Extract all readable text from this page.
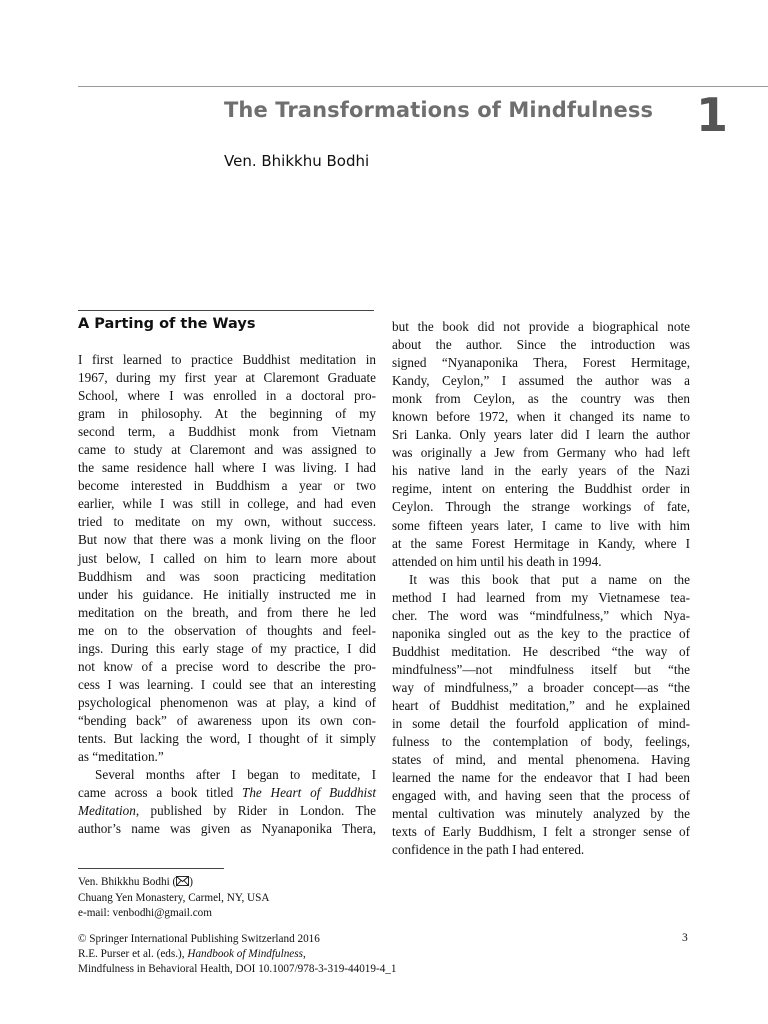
The Transformations of Mindfulness 1
Ven. Bhikkhu Bodhi
A Parting of the Ways

I first learned to practice Buddhist meditation in
1967, during my first year at Claremont Graduate
School, where I was enrolled in a doctoral pro-
gram in philosophy. At the beginning of my
second term, a Buddhist monk from Vietnam
came to study at Claremont and was assigned to
the same residence hall where I was living. I had
become interested in Buddhism a year or two
earlier, while I was still in college, and had even
tried to meditate on my own, without success.
But now that there was a monk living on the floor
just below, I called on him to learn more about
Buddhism and was soon practicing meditation
under his guidance. He initially instructed me in
meditation on the breath, and from there he led
me on to the observation of thoughts and feel-
ings. During this early stage of my practice, I did
not know of a precise word to describe the pro-
cess I was learning. I could see that an interesting
psychological phenomenon was at play, a kind of
“bending back” of awareness upon its own con-
tents. But lacking the word, I thought of it simply
as “meditation.”

Several months after I began to meditate, I
came across a book titled The Heart of Buddhist
Meditation, published by Rider in London. The
author’s name was given as Nyanaponika Thera,

but the book did not provide a biographical note
about the author. Since the introduction was
signed “Nyanaponika Thera, Forest Hermitage,
Kandy, Ceylon,” I assumed the author was a
monk from Ceylon, as the country was then
known before 1972, when it changed its name to
Sri Lanka. Only years later did I learn the author
was originally a Jew from Germany who had left
his native land in the early years of the Nazi
regime, intent on entering the Buddhist order in
Ceylon. Through the strange workings of fate,
some fifteen years later, I came to live with him
at the same Forest Hermitage in Kandy, where I
attended on him until his death in 1994.

It was this book that put a name on the
method I had learned from my Vietnamese tea-
cher. The word was “mindfulness,” which Nya-
naponika singled out as the key to the practice of
Buddhist meditation. He described “the way of
mindfulness”—not mindfulness itself but “the
way of mindfulness,” a broader concept—as “the
heart of Buddhist meditation,” and he explained
in some detail the fourfold application of mind-
fulness to the contemplation of body, feelings,
states of mind, and mental phenomena. Having
learned the name for the endeavor that I had been
engaged with, and having seen that the process of
mental cultivation was minutely analyzed by the
texts of Early Buddhism, I felt a stronger sense of
confidence in the path I had entered.

Ven. Bhikkhu Bodhi ( )
Chuang Yen Monastery, Carmel, NY, USA
e-mail: venbodhi@gmail.com
© Springer International Publishing Switzerland 2016
R.E. Purser et al. (eds.), Handbook of Mindfulness,
Mindfulness in Behavioral Health, DOI 10.1007/978-3-319-44019-4_1
3
